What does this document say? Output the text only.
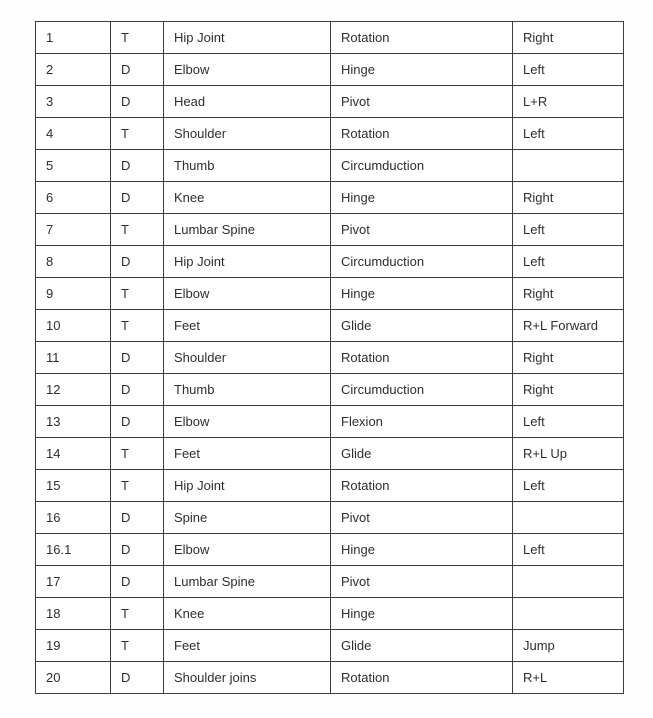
1	T	Hip Joint	Rotation	Right
2	D	Elbow	Hinge	Left
3	D	Head	Pivot	L+R
4	T	Shoulder	Rotation	Left
5	D	Thumb	Circumduction	
6	D	Knee	Hinge	Right
7	T	Lumbar Spine	Pivot	Left
8	D	Hip Joint	Circumduction	Left
9	T	Elbow	Hinge	Right
10	T	Feet	Glide	R+L Forward
11	D	Shoulder	Rotation	Right
12	D	Thumb	Circumduction	Right
13	D	Elbow	Flexion	Left
14	T	Feet	Glide	R+L Up
15	T	Hip Joint	Rotation	Left
16	D	Spine	Pivot	
16.1	D	Elbow	Hinge	Left
17	D	Lumbar Spine	Pivot	
18	T	Knee	Hinge	
19	T	Feet	Glide	Jump
20	D	Shoulder joins	Rotation	R+L
